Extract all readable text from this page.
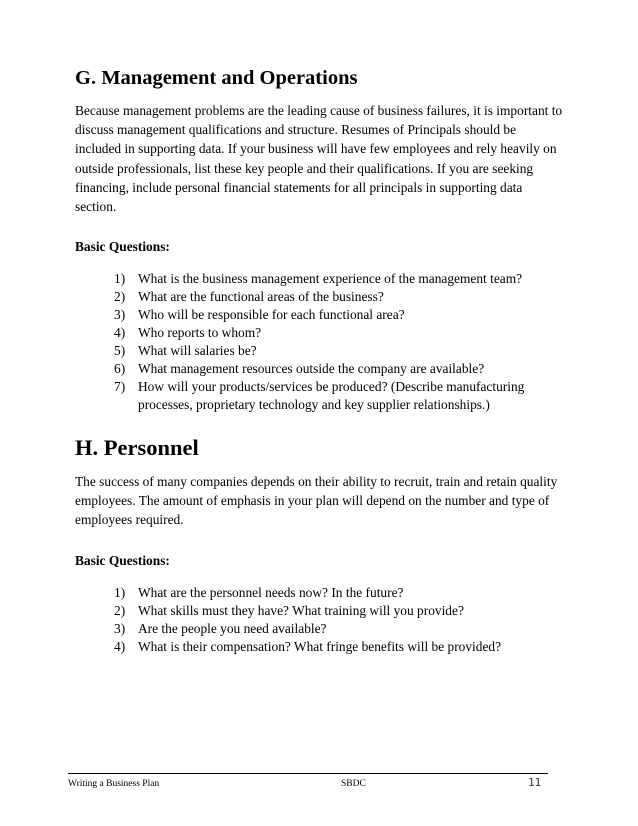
G. Management and Operations

Because management problems are the leading cause of business failures, it is important to discuss management qualifications and structure. Resumes of Principals should be included in supporting data. If your business will have few employees and rely heavily on outside professionals, list these key people and their qualifications. If you are seeking financing, include personal financial statements for all principals in supporting data section.

Basic Questions:
1) What is the business management experience of the management team?
2) What are the functional areas of the business?
3) Who will be responsible for each functional area?
4) Who reports to whom?
5) What will salaries be?
6) What management resources outside the company are available?
7) How will your products/services be produced? (Describe manufacturing processes, proprietary technology and key supplier relationships.)
H. Personnel

The success of many companies depends on their ability to recruit, train and retain quality employees. The amount of emphasis in your plan will depend on the number and type of employees required.

Basic Questions:
1) What are the personnel needs now? In the future?
2) What skills must they have? What training will you provide?
3) Are the people you need available?
4) What is their compensation? What fringe benefits will be provided?
Writing a Business Plan	SBDC	11
